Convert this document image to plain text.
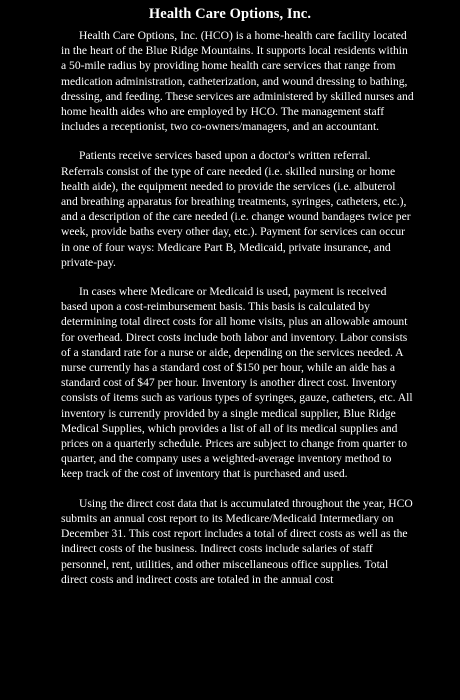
Health Care Options, Inc.

Health Care Options, Inc. (HCO) is a home-health care facility located in the heart of the Blue Ridge Mountains. It supports local residents within a 50-mile radius by providing home health care services that range from medication administration, catheterization, and wound dressing to bathing, dressing, and feeding. These services are administered by skilled nurses and home health aides who are employed by HCO. The management staff includes a receptionist, two co-owners/managers, and an accountant.

Patients receive services based upon a doctor's written referral. Referrals consist of the type of care needed (i.e. skilled nursing or home health aide), the equipment needed to provide the services (i.e. albuterol and breathing apparatus for breathing treatments, syringes, catheters, etc.), and a description of the care needed (i.e. change wound bandages twice per week, provide baths every other day, etc.). Payment for services can occur in one of four ways: Medicare Part B, Medicaid, private insurance, and private-pay.

In cases where Medicare or Medicaid is used, payment is received based upon a cost-reimbursement basis. This basis is calculated by determining total direct costs for all home visits, plus an allowable amount for overhead. Direct costs include both labor and inventory. Labor consists of a standard rate for a nurse or aide, depending on the services needed. A nurse currently has a standard cost of $150 per hour, while an aide has a standard cost of $47 per hour. Inventory is another direct cost. Inventory consists of items such as various types of syringes, gauze, catheters, etc. All inventory is currently provided by a single medical supplier, Blue Ridge Medical Supplies, which provides a list of all of its medical supplies and prices on a quarterly schedule. Prices are subject to change from quarter to quarter, and the company uses a weighted-average inventory method to keep track of the cost of inventory that is purchased and used.

Using the direct cost data that is accumulated throughout the year, HCO submits an annual cost report to its Medicare/Medicaid Intermediary on December 31. This cost report includes a total of direct costs as well as the indirect costs of the business. Indirect costs include salaries of staff personnel, rent, utilities, and other miscellaneous office supplies. Total direct costs and indirect costs are totaled in the annual cost
